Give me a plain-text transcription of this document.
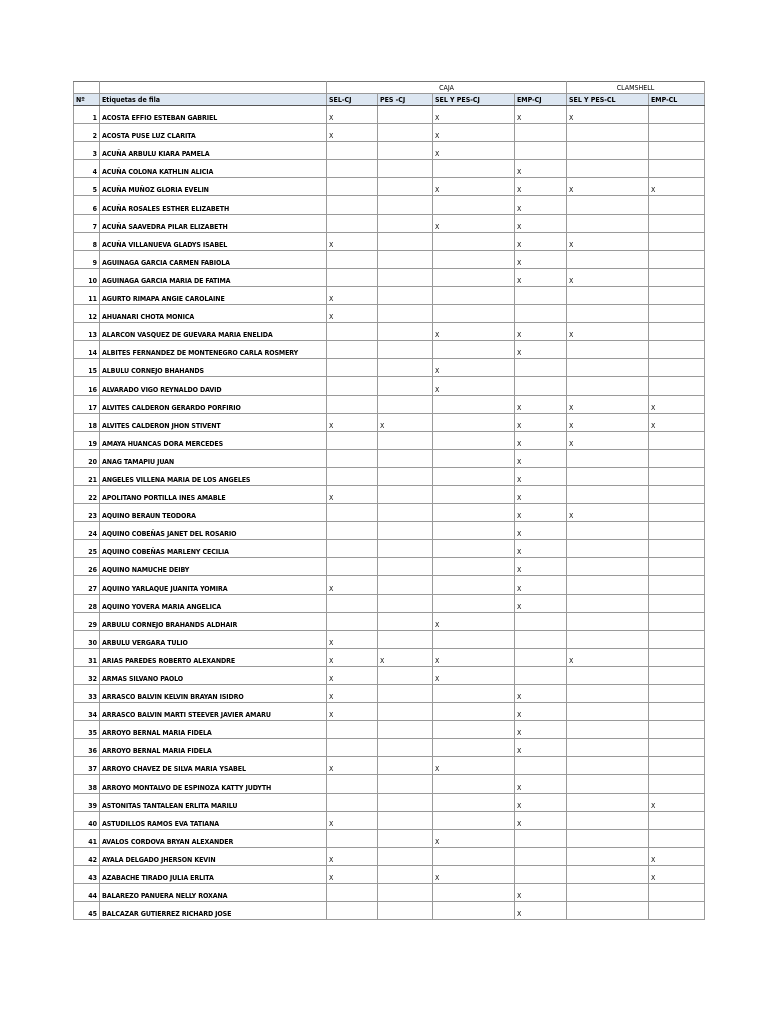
		CAJA				CLAMSHELL	
Nº	Etiquetas de fila	SEL-CJ	PES -CJ	SEL Y PES-CJ	EMP-CJ	SEL Y PES-CL	EMP-CL
1	ACOSTA EFFIO ESTEBAN GABRIEL	X		X	X	X	
2	ACOSTA PUSE LUZ CLARITA	X		X			
3	ACUÑA ARBULU KIARA PAMELA			X			
4	ACUÑA COLONA KATHLIN ALICIA				X		
5	ACUÑA MUÑOZ GLORIA EVELIN			X	X	X	X
6	ACUÑA ROSALES ESTHER ELIZABETH				X		
7	ACUÑA SAAVEDRA PILAR ELIZABETH			X	X		
8	ACUÑA VILLANUEVA GLADYS ISABEL	X			X	X	
9	AGUINAGA GARCIA CARMEN FABIOLA				X		
10	AGUINAGA GARCIA MARIA DE FATIMA				X	X	
11	AGURTO RIMAPA ANGIE CAROLAINE	X					
12	AHUANARI CHOTA MONICA	X					
13	ALARCON VASQUEZ DE GUEVARA MARIA ENELIDA			X	X	X	
14	ALBITES FERNANDEZ DE MONTENEGRO CARLA ROSMERY				X		
15	ALBULU CORNEJO BHAHANDS			X			
16	ALVARADO VIGO REYNALDO DAVID			X			
17	ALVITES CALDERON GERARDO PORFIRIO				X	X	X
18	ALVITES CALDERON JHON STIVENT	X	X		X	X	X
19	AMAYA HUANCAS DORA MERCEDES				X	X	
20	ANAG TAMAPIU JUAN				X		
21	ANGELES VILLENA MARIA DE LOS ANGELES				X		
22	APOLITANO PORTILLA INES AMABLE	X			X		
23	AQUINO BERAUN TEODORA				X	X	
24	AQUINO COBEÑAS JANET DEL ROSARIO				X		
25	AQUINO COBEÑAS MARLENY CECILIA				X		
26	AQUINO NAMUCHE DEIBY				X		
27	AQUINO YARLAQUE JUANITA YOMIRA	X			X		
28	AQUINO YOVERA MARIA ANGELICA				X		
29	ARBULU CORNEJO BRAHANDS ALDHAIR			X			
30	ARBULU VERGARA TULIO	X					
31	ARIAS PAREDES ROBERTO ALEXANDRE	X	X	X		X	
32	ARMAS SILVANO PAOLO	X		X			
33	ARRASCO BALVIN KELVIN BRAYAN ISIDRO	X			X		
34	ARRASCO BALVIN MARTI STEEVER JAVIER AMARU	X			X		
35	ARROYO BERNAL MARIA FIDELA				X		
36	ARROYO BERNAL MARIA FIDELA				X		
37	ARROYO CHAVEZ DE SILVA MARIA YSABEL	X		X			
38	ARROYO MONTALVO DE ESPINOZA KATTY JUDYTH				X		
39	ASTONITAS TANTALEAN ERLITA MARILU				X		X
40	ASTUDILLOS RAMOS EVA TATIANA	X			X		
41	AVALOS CORDOVA BRYAN ALEXANDER			X			
42	AYALA DELGADO JHERSON KEVIN	X					X
43	AZABACHE TIRADO JULIA ERLITA	X		X			X
44	BALAREZO PANUERA NELLY ROXANA				X		
45	BALCAZAR GUTIERREZ RICHARD JOSE				X		
